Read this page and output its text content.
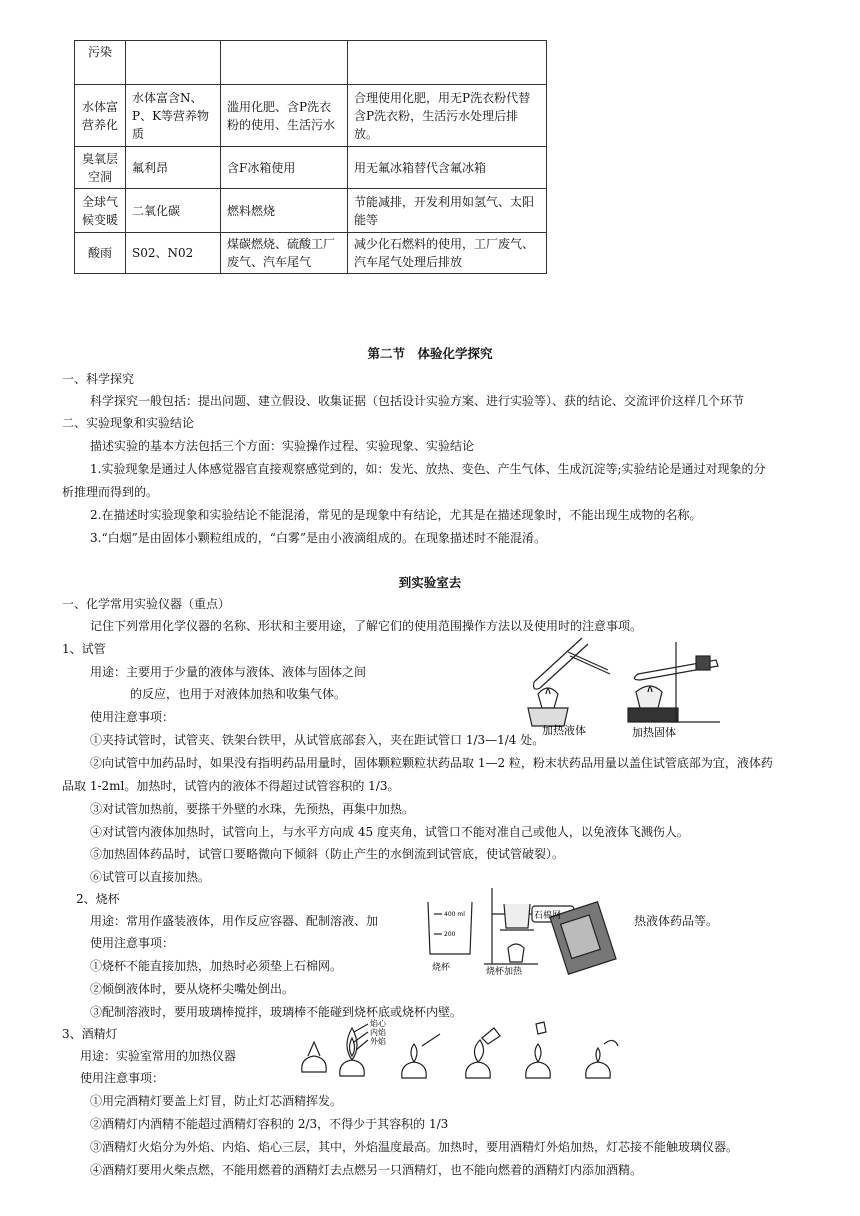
污染			
水体富营养化	水体富含N、P、K等营养物质	滥用化肥、含P洗衣粉的使用、生活污水	合理使用化肥，用无P洗衣粉代替含P洗衣粉，生活污水处理后排放。
臭氧层空洞	氟利昂	含F冰箱使用	用无氟冰箱替代含氟冰箱
全球气候变暖	二氧化碳	燃料燃烧	节能减排，开发利用如氢气、太阳能等
酸雨	S02、N02	煤碳燃烧、硫酸工厂废气、汽车尾气	减少化石燃料的使用，工厂废气、汽车尾气处理后排放
第二节　体验化学探究
一、科学探究
科学探究一般包括：提出问题、建立假设、收集证据（包括设计实验方案、进行实验等）、获的结论、交流评价这样几个环节
二、实验现象和实验结论
描述实验的基本方法包括三个方面：实验操作过程、实验现象、实验结论
1.实验现象是通过人体感觉器官直接观察感觉到的，如：发光、放热、变色、产生气体、生成沉淀等;实验结论是通过对现象的分
析推理而得到的。
2.在描述时实验现象和实验结论不能混淆，常见的是现象中有结论，尤其是在描述现象时，不能出现生成物的名称。
3.“白烟”是由固体小颗粒组成的，“白雾”是由小液滴组成的。在现象描述时不能混淆。
到实验室去
一、化学常用实验仪器（重点）
记住下列常用化学仪器的名称、形状和主要用途，了解它们的使用范围操作方法以及使用时的注意事项。
1、试管
用途：主要用于少量的液体与液体、液体与固体之间
的反应，也用于对液体加热和收集气体。
使用注意事项：
加热液体	加热固体
①夹持试管时，试管夹、铁架台铁甲，从试管底部套入，夹在距试管口 1/3—1/4 处。
②向试管中加药品时，如果没有指明药品用量时，固体颗粒颗粒状药品取 1—2 粒，粉末状药品用量以盖住试管底部为宜，液体药
品取 1-2ml。加热时，试管内的液体不得超过试管容积的 1/3。
③对试管加热前，要搽干外壁的水珠，先预热，再集中加热。
④对试管内液体加热时，试管向上，与水平方向成 45 度夹角，试管口不能对准自己或他人，以免液体飞溅伤人。
⑤加热固体药品时，试管口要略微向下倾斜（防止产生的水倒流到试管底，使试管破裂）。
⑥试管可以直接加热。
2、烧杯
用途：常用作盛装液体，用作反应容器、配制溶液、加	热液体药品等。
使用注意事项：
400 ml
200
石棉网
烧杯	烧杯加热
①烧杯不能直接加热，加热时必须垫上石棉网。
②倾倒液体时，要从烧杯尖嘴处倒出。
③配制溶液时，要用玻璃棒搅拌，玻璃棒不能碰到烧杯底或烧杯内壁。
3、酒精灯
用途：实验室常用的加热仪器
使用注意事项：
焰心
内焰
外焰
①用完酒精灯要盖上灯冒，防止灯芯酒精挥发。
②酒精灯内酒精不能超过酒精灯容积的 2/3，不得少于其容积的 1/3
③酒精灯火焰分为外焰、内焰、焰心三层，其中，外焰温度最高。加热时，要用酒精灯外焰加热，灯芯接不能触玻璃仪器。
④酒精灯要用火柴点燃，不能用燃着的酒精灯去点燃另一只酒精灯，也不能向燃着的酒精灯内添加酒精。
